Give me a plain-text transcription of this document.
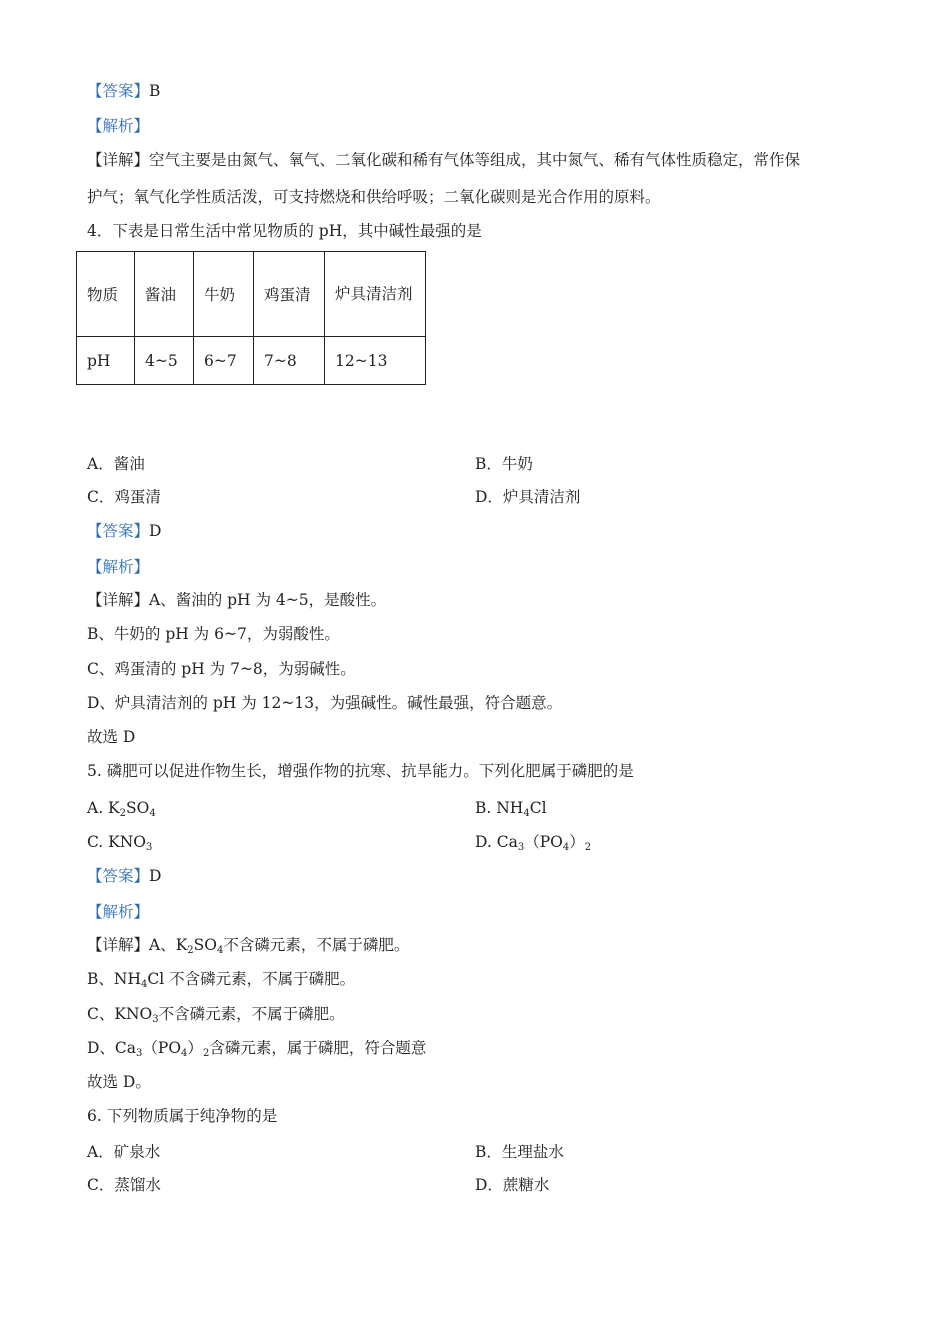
【答案】B
【解析】
【详解】空气主要是由氮气、氧气、二氧化碳和稀有气体等组成，其中氮气、稀有气体性质稳定，常作保
护气；氧气化学性质活泼，可支持燃烧和供给呼吸；二氧化碳则是光合作用的原料。
4．下表是日常生活中常见物质的 pH，其中碱性最强的是
物质	酱油	牛奶	鸡蛋清	炉具清洁剂
pH	4~5	6~7	7~8	12~13
A．酱油	B．牛奶
C．鸡蛋清	D．炉具清洁剂
【答案】D
【解析】
【详解】A、酱油的 pH 为 4~5，是酸性。
B、牛奶的 pH 为 6~7，为弱酸性。
C、鸡蛋清的 pH 为 7~8，为弱碱性。
D、炉具清洁剂的 pH 为 12~13，为强碱性。碱性最强，符合题意。
故选 D
5. 磷肥可以促进作物生长，增强作物的抗寒、抗旱能力。下列化肥属于磷肥的是
A. $K_2SO_4$	B. $NH_4Cl$
C. $KNO_3$	D. $Ca_3(PO_4)_2$
【答案】D
【解析】
【详解】A、$K_2SO_4$不含磷元素，不属于磷肥。
B、$NH_4Cl$ 不含磷元素，不属于磷肥。
C、$KNO_3$不含磷元素，不属于磷肥。
D、$Ca_3(PO_4)_2$含磷元素，属于磷肥，符合题意
故选 D。
6. 下列物质属于纯净物的是
A．矿泉水	B．生理盐水
C．蒸馏水	D．蔗糖水
